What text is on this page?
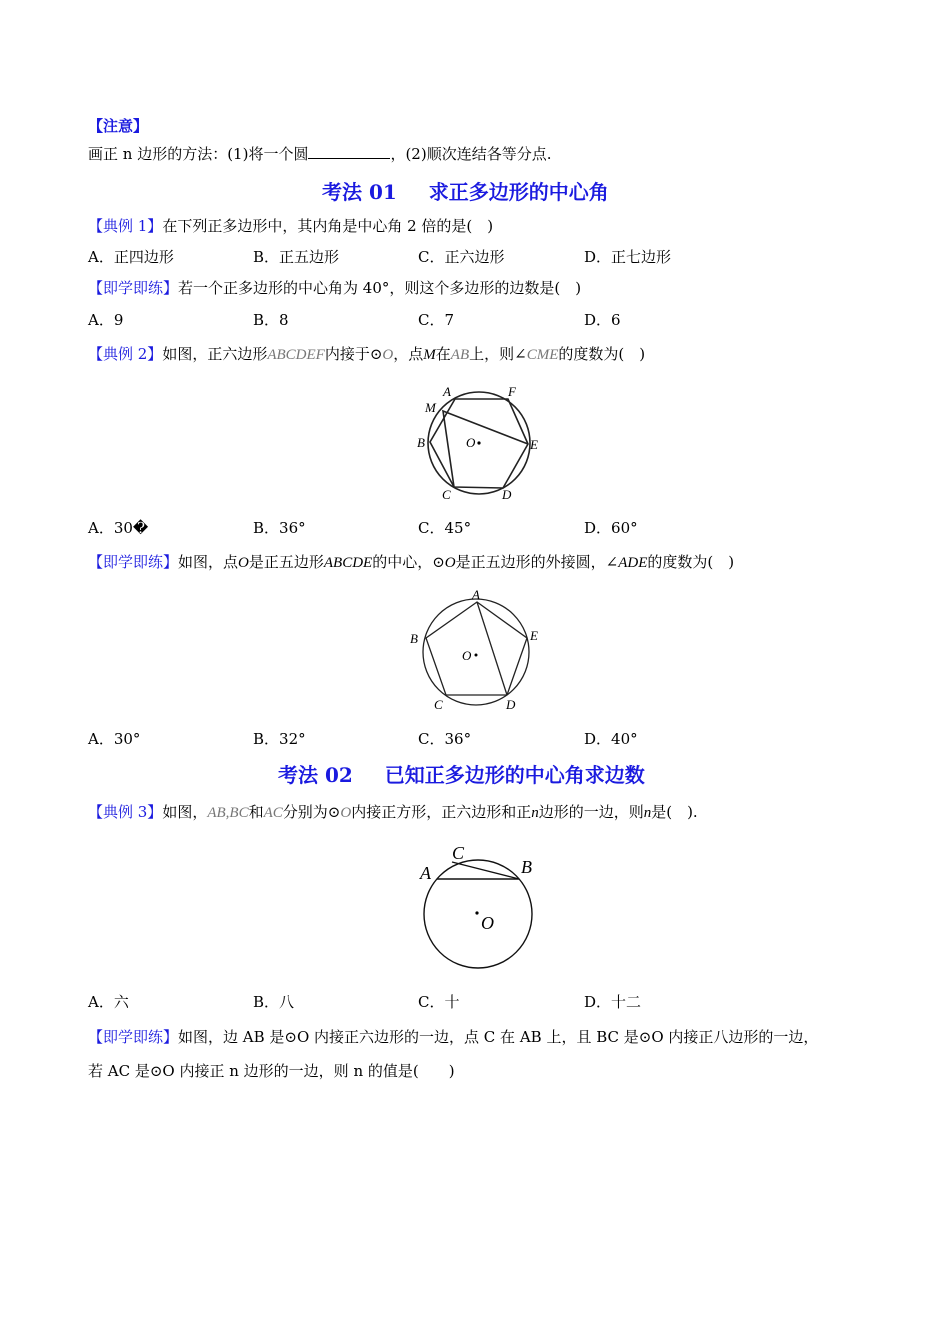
【注意】
画正 n 边形的方法：(1)将一个圆	，(2)顺次连结各等分点.
考法 01 求正多边形的中心角
【典例 1】在下列正多边形中，其内角是中心角 2 倍的是(　)
A．正四边形	B．正五边形	C．正六边形	D．正七边形
【即学即练】若一个正多边形的中心角为 40°，则这个多边形的边数是(　)
A．9	B．8	C．7	D．6
【典例 2】如图，正六边形ABCDEF内接于⊙O，点M在AB上，则∠CME的度数为(　)
A	F
M
B	E
C	D
O
A
B	E
C	D
O
C
A	B
O
A．30�	B．36°	C．45°	D．60°
【即学即练】如图，点O是正五边形ABCDE的中心，⊙O是正五边形的外接圆，∠ADE的度数为(　)
A．30°	B．32°	C．36°	D．40°
考法 02 已知正多边形的中心角求边数
【典例 3】如图，AB,BC和AC分别为⊙O内接正方形，正六边形和正n边形的一边，则n是(　).
A．六	B．八	C．十	D．十二
【即学即练】如图，边 AB 是⊙O 内接正六边形的一边，点 C 在 AB 上，且 BC 是⊙O 内接正八边形的一边，
若 AC 是⊙O 内接正 n 边形的一边，则 n 的值是(　　)
